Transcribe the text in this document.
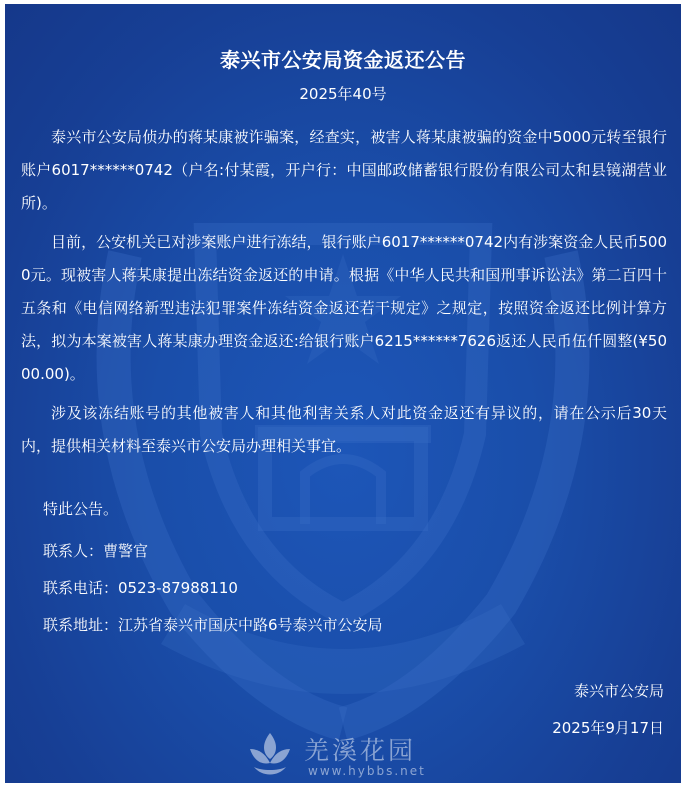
泰兴市公安局资金返还公告
2025年40号

泰兴市公安局侦办的蒋某康被诈骗案，经查实，被害人蒋某康被骗的资金中5000元转至银行账户6017******0742（户名:付某霞，开户行：中国邮政储蓄银行股份有限公司太和县镜湖营业所)。

目前，公安机关已对涉案账户进行冻结，银行账户6017******0742内有涉案资金人民币5000元。现被害人蒋某康提出冻结资金返还的申请。根据《中华人民共和国刑事诉讼法》第二百四十五条和《电信网络新型违法犯罪案件冻结资金返还若干规定》之规定，按照资金返还比例计算方法，拟为本案被害人蒋某康办理资金返还:给银行账户6215******7626返还人民币伍仟圆整(¥5000.00)。

涉及该冻结账号的其他被害人和其他利害关系人对此资金返还有异议的，请在公示后30天内，提供相关材料至泰兴市公安局办理相关事宜。

特此公告。
联系人：曹警官
联系电话：0523-87988110
联系地址：江苏省泰兴市国庆中路6号泰兴市公安局
泰兴市公安局
2025年9月17日
羌溪花园
www.hybbs.net
